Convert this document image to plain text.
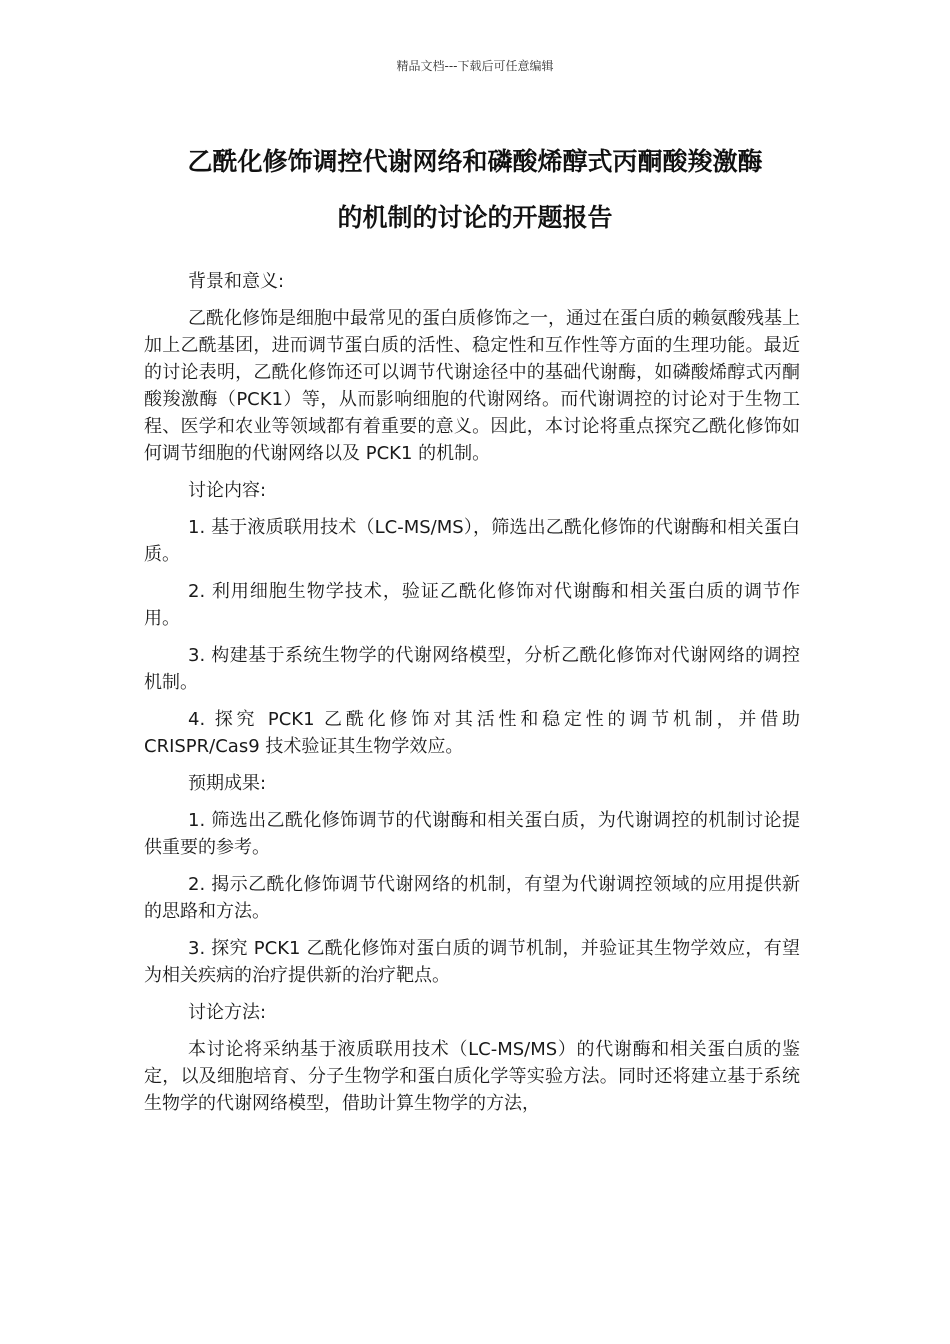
精品文档---下载后可任意编辑
乙酰化修饰调控代谢网络和磷酸烯醇式丙酮酸羧激酶
的机制的讨论的开题报告

背景和意义:

乙酰化修饰是细胞中最常见的蛋白质修饰之一，通过在蛋白质的赖氨酸残基上加上乙酰基团，进而调节蛋白质的活性、稳定性和互作性等方面的生理功能。最近的讨论表明，乙酰化修饰还可以调节代谢途径中的基础代谢酶，如磷酸烯醇式丙酮酸羧激酶（PCK1）等，从而影响细胞的代谢网络。而代谢调控的讨论对于生物工程、医学和农业等领域都有着重要的意义。因此，本讨论将重点探究乙酰化修饰如何调节细胞的代谢网络以及 PCK1 的机制。

讨论内容:

1. 基于液质联用技术（LC-MS/MS），筛选出乙酰化修饰的代谢酶和相关蛋白质。

2. 利用细胞生物学技术，验证乙酰化修饰对代谢酶和相关蛋白质的调节作用。

3. 构建基于系统生物学的代谢网络模型，分析乙酰化修饰对代谢网络的调控机制。

4. 探究 PCK1 乙酰化修饰对其活性和稳定性的调节机制，并借助 CRISPR/Cas9 技术验证其生物学效应。

预期成果:

1. 筛选出乙酰化修饰调节的代谢酶和相关蛋白质，为代谢调控的机制讨论提供重要的参考。

2. 揭示乙酰化修饰调节代谢网络的机制，有望为代谢调控领域的应用提供新的思路和方法。

3. 探究 PCK1 乙酰化修饰对蛋白质的调节机制，并验证其生物学效应，有望为相关疾病的治疗提供新的治疗靶点。

讨论方法:

本讨论将采纳基于液质联用技术（LC-MS/MS）的代谢酶和相关蛋白质的鉴定，以及细胞培育、分子生物学和蛋白质化学等实验方法。同时还将建立基于系统生物学的代谢网络模型，借助计算生物学的方法，
